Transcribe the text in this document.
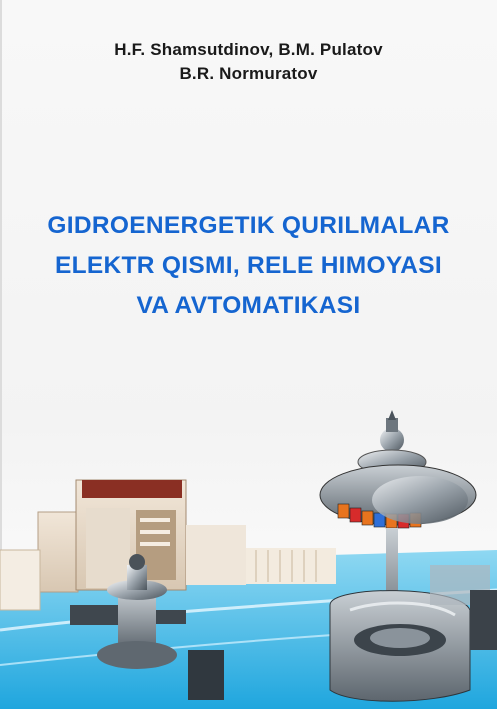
H.F. Shamsutdinov, B.M. Pulatov
B.R. Normuratov
GIDROENERGETIK QURILMALAR
ELEKTR QISMI, RELE HIMOYASI
VA AVTOMATIKASI
